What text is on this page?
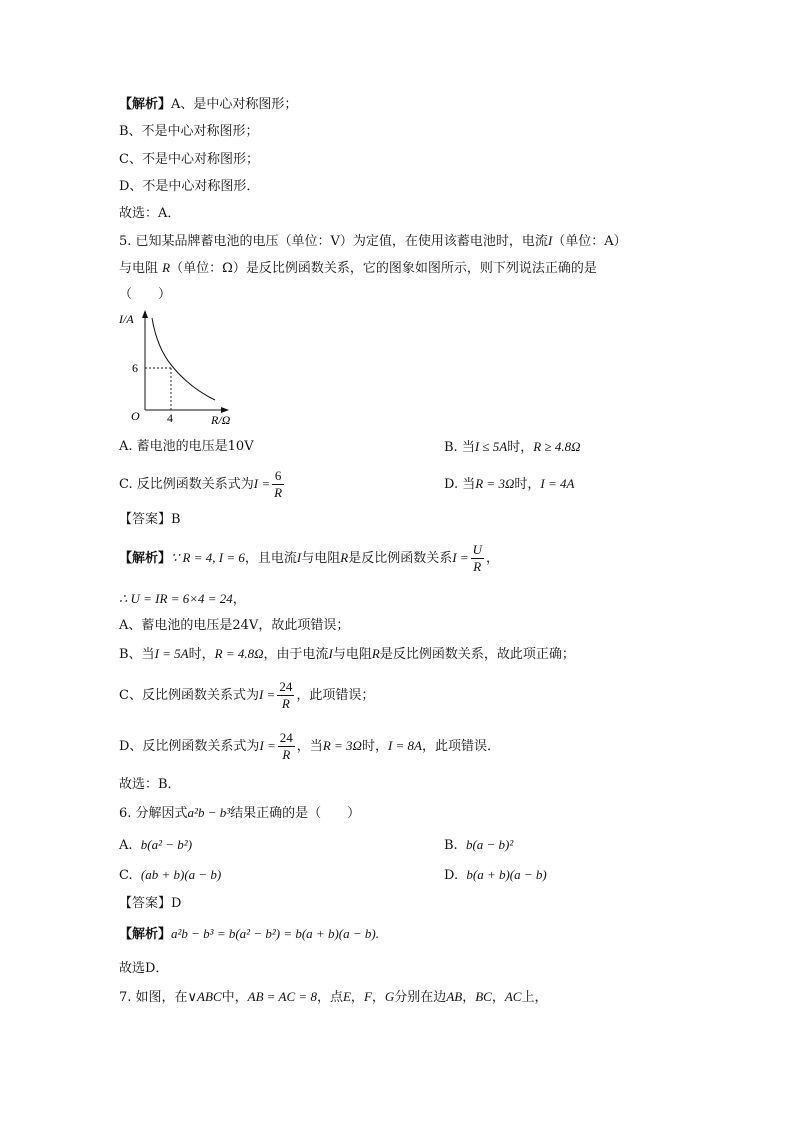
【解析】A、是中心对称图形；
B、不是中心对称图形；
C、不是中心对称图形；
D、不是中心对称图形．
故选：A．
5. 已知某品牌蓄电池的电压（单位：V）为定值，在使用该蓄电池时，电流I（单位：A）
与电阻 R（单位：Ω）是反比例函数关系，它的图象如图所示，则下列说法正确的是
（　　）
I/A
R/Ω
O
6
4
A. 蓄电池的电压是10V	B. 当I ≤ 5A时，R ≥ 4.8Ω
C. 反比例函数关系式为$I = \frac{6}{R}$	D. 当R = 3Ω时，I = 4A
【答案】B
【解析】∵ R = 4, I = 6，且电流I与电阻R是反比例函数关系$I = \frac{U}{R}$ ，
∴ U = IR = 6×4 = 24，
A、蓄电池的电压是24V，故此项错误；
B、当I = 5A时，R = 4.8Ω，由于电流I与电阻R是反比例函数关系，故此项正确；
C、反比例函数关系式为$I = \frac{24}{R}$ ，此项错误；
D、反比例函数关系式为$I = \frac{24}{R}$ ，当R = 3Ω时，I = 8A，此项错误．
故选：B．
6. 分解因式a²b − b³结果正确的是（　　）
A. b(a² − b²)	B. b(a − b)²
C. (ab + b)(a − b)	D. b(a + b)(a − b)
【答案】D
【解析】a²b − b³ = b(a² − b²) = b(a + b)(a − b).
故选D．
7. 如图，在∨ABC中，AB = AC = 8，点E，F，G分别在边AB，BC，AC上，
